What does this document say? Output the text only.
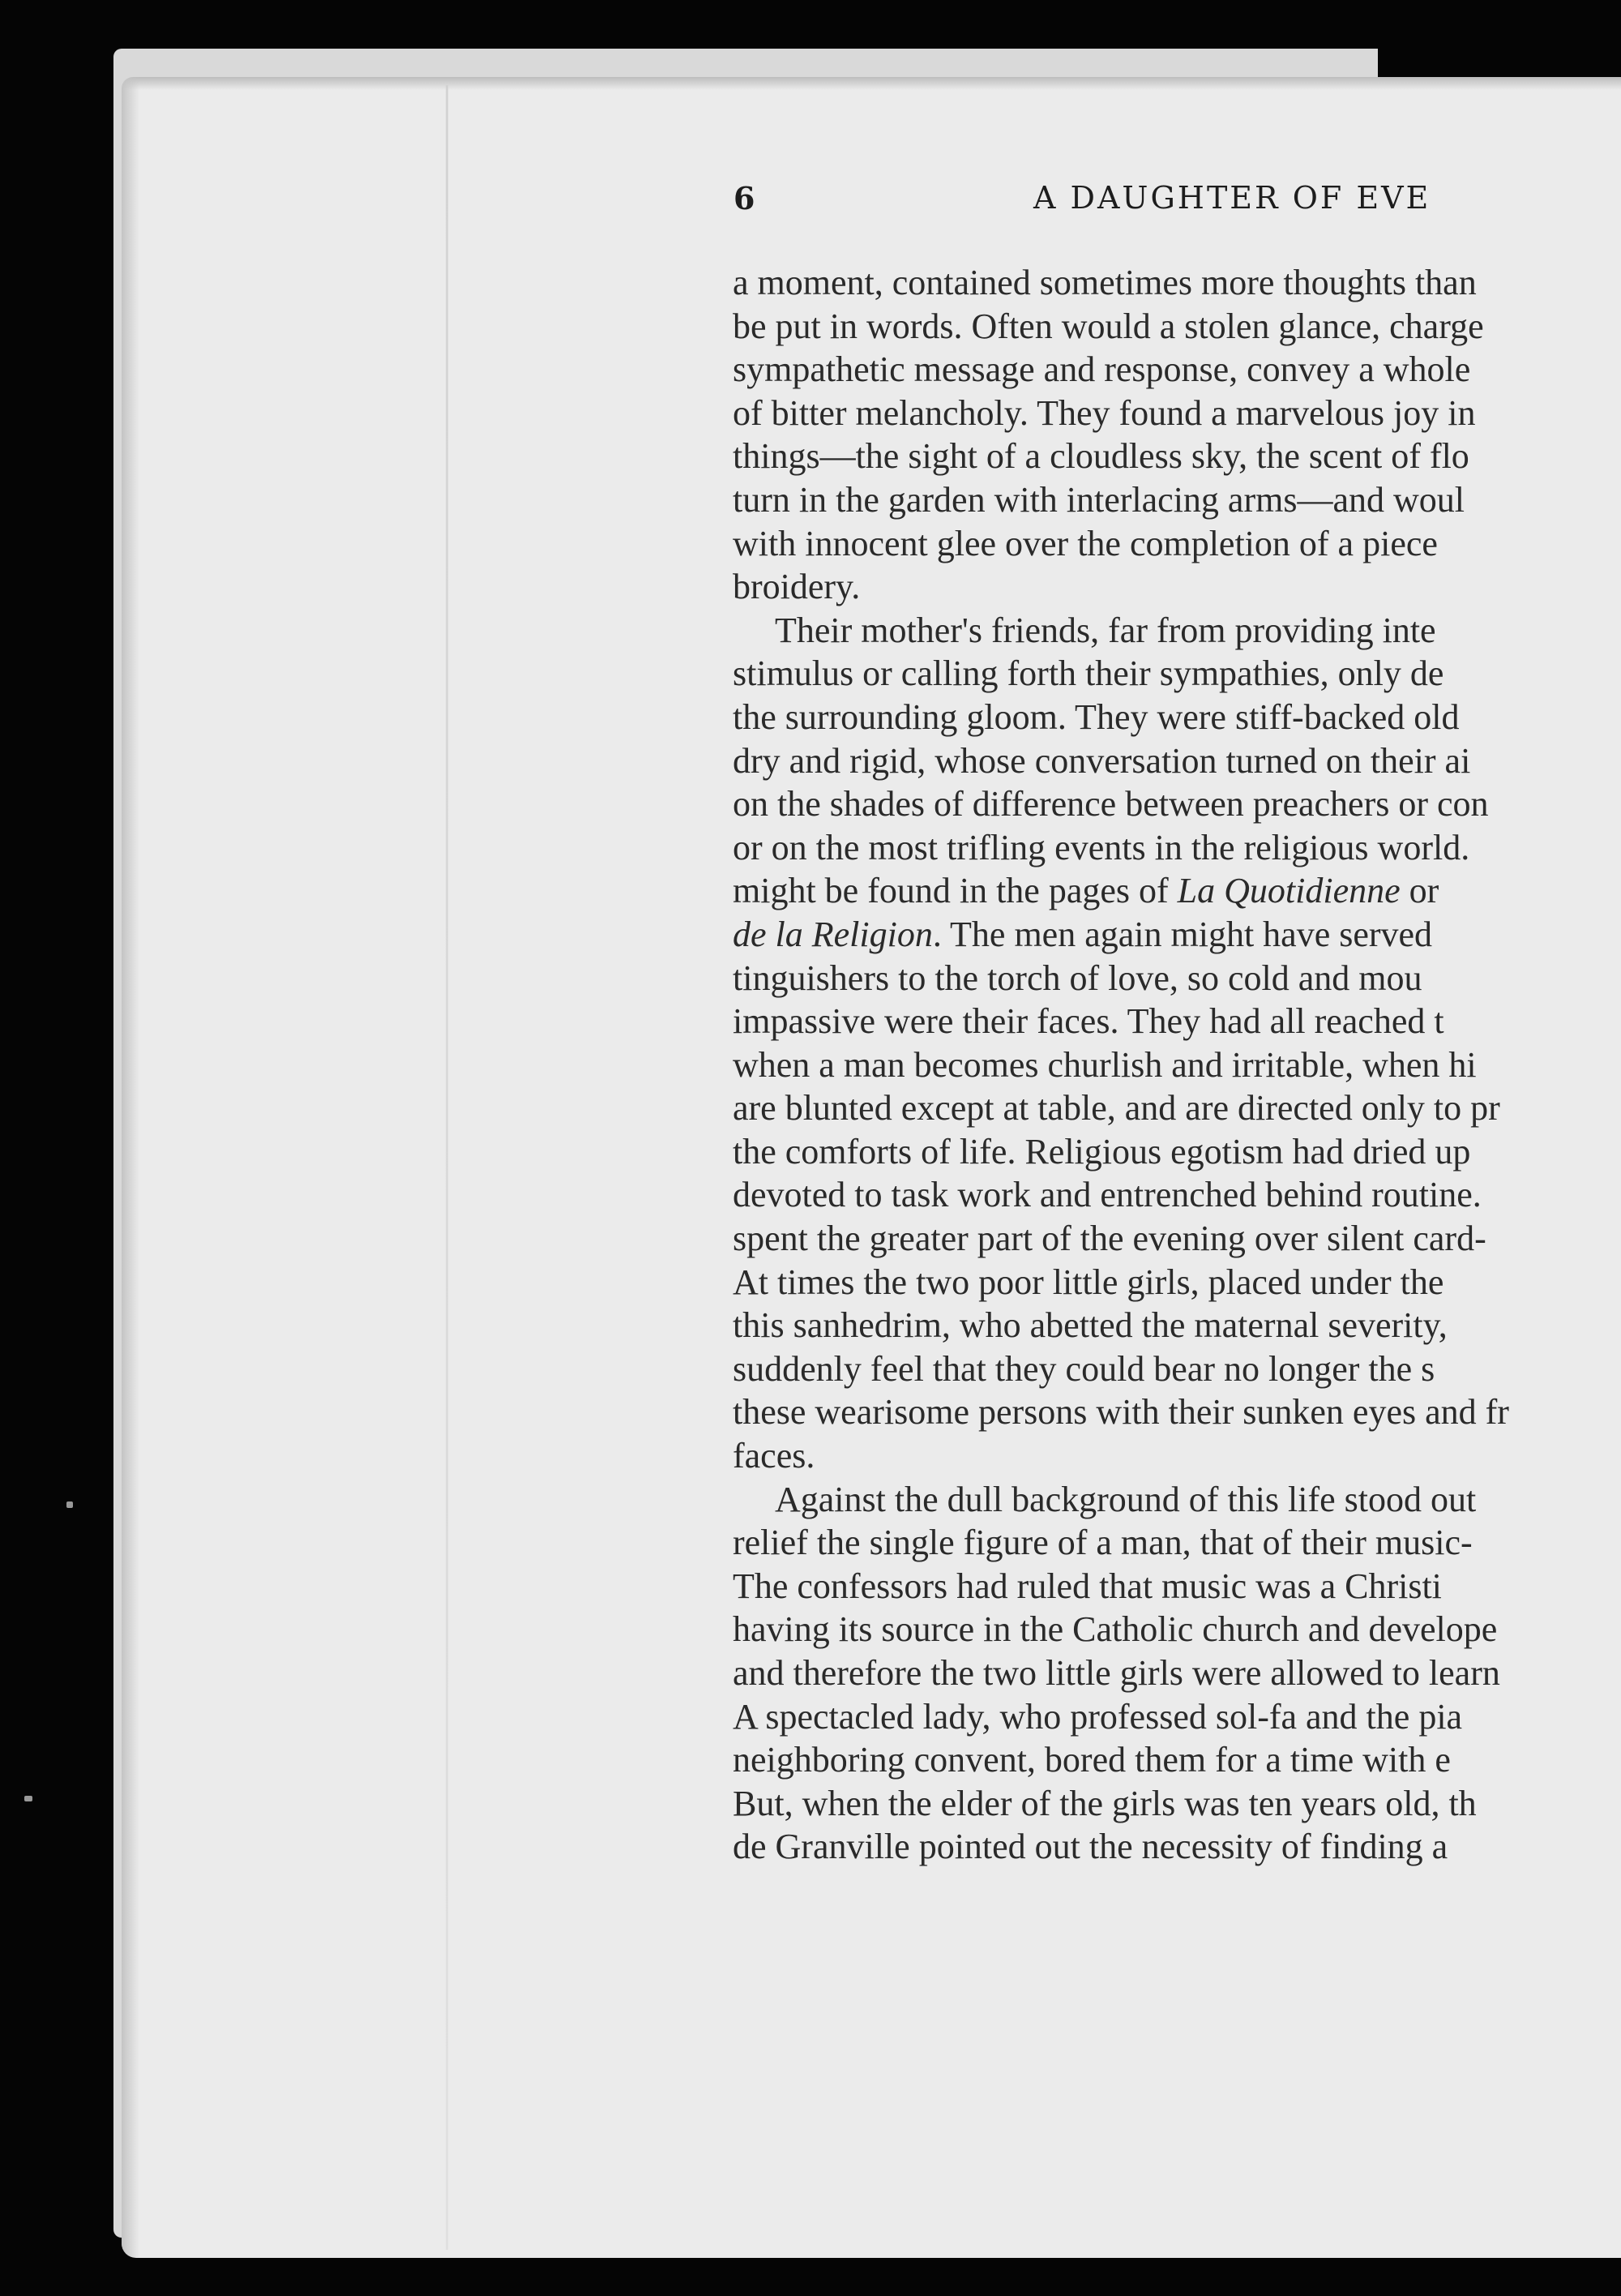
6	A DAUGHTER OF EVE
a moment, contained sometimes more thoughts than
be put in words. Often would a stolen glance, charge
sympathetic message and response, convey a whole
of bitter melancholy. They found a marvelous joy in
things—the sight of a cloudless sky, the scent of flo
turn in the garden with interlacing arms—and woul
with innocent glee over the completion of a piece
broidery.
Their mother's friends, far from providing inte
stimulus or calling forth their sympathies, only de
the surrounding gloom. They were stiff-backed old
dry and rigid, whose conversation turned on their ai
on the shades of difference between preachers or con
or on the most trifling events in the religious world.
might be found in the pages of La Quotidienne or
de la Religion. The men again might have served
tinguishers to the torch of love, so cold and mou
impassive were their faces. They had all reached t
when a man becomes churlish and irritable, when hi
are blunted except at table, and are directed only to pr
the comforts of life. Religious egotism had dried up
devoted to task work and entrenched behind routine.
spent the greater part of the evening over silent card-
At times the two poor little girls, placed under the
this sanhedrim, who abetted the maternal severity,
suddenly feel that they could bear no longer the s
these wearisome persons with their sunken eyes and fr
faces.
Against the dull background of this life stood out
relief the single figure of a man, that of their music-
The confessors had ruled that music was a Christi
having its source in the Catholic church and develope
and therefore the two little girls were allowed to learn
A spectacled lady, who professed sol-fa and the pia
neighboring convent, bored them for a time with e
But, when the elder of the girls was ten years old, th
de Granville pointed out the necessity of finding a
